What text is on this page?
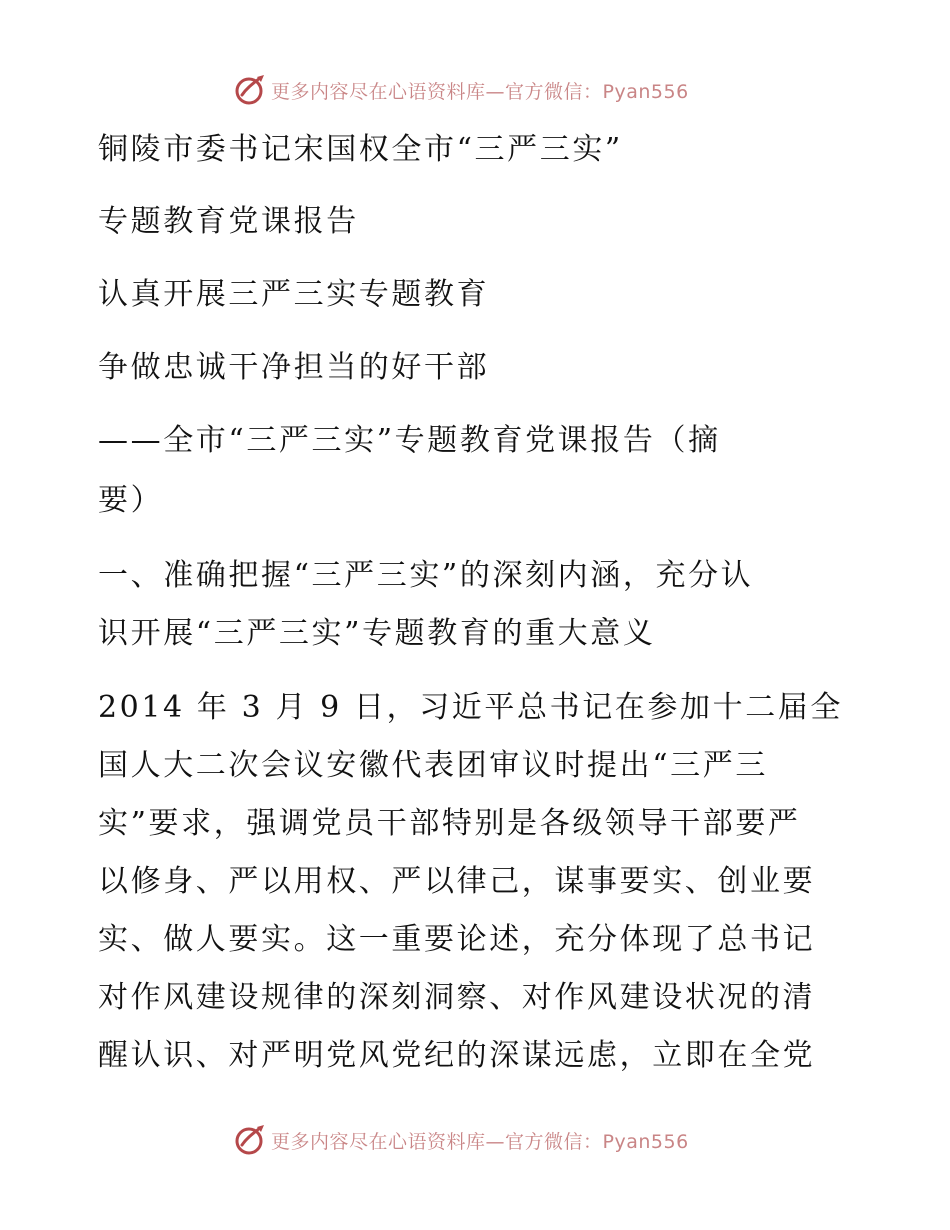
更多内容尽在心语资料库—官方微信：Pyan556
铜陵市委书记宋国权全市“三严三实”
专题教育党课报告
认真开展三严三实专题教育
争做忠诚干净担当的好干部
——全市“三严三实”专题教育党课报告（摘
要）
一、准确把握“三严三实”的深刻内涵，充分认
识开展“三严三实”专题教育的重大意义
2014 年 3 月 9 日，习近平总书记在参加十二届全
国人大二次会议安徽代表团审议时提出“三严三
实”要求，强调党员干部特别是各级领导干部要严
以修身、严以用权、严以律己，谋事要实、创业要
实、做人要实。这一重要论述，充分体现了总书记
对作风建设规律的深刻洞察、对作风建设状况的清
醒认识、对严明党风党纪的深谋远虑，立即在全党
更多内容尽在心语资料库—官方微信：Pyan556
